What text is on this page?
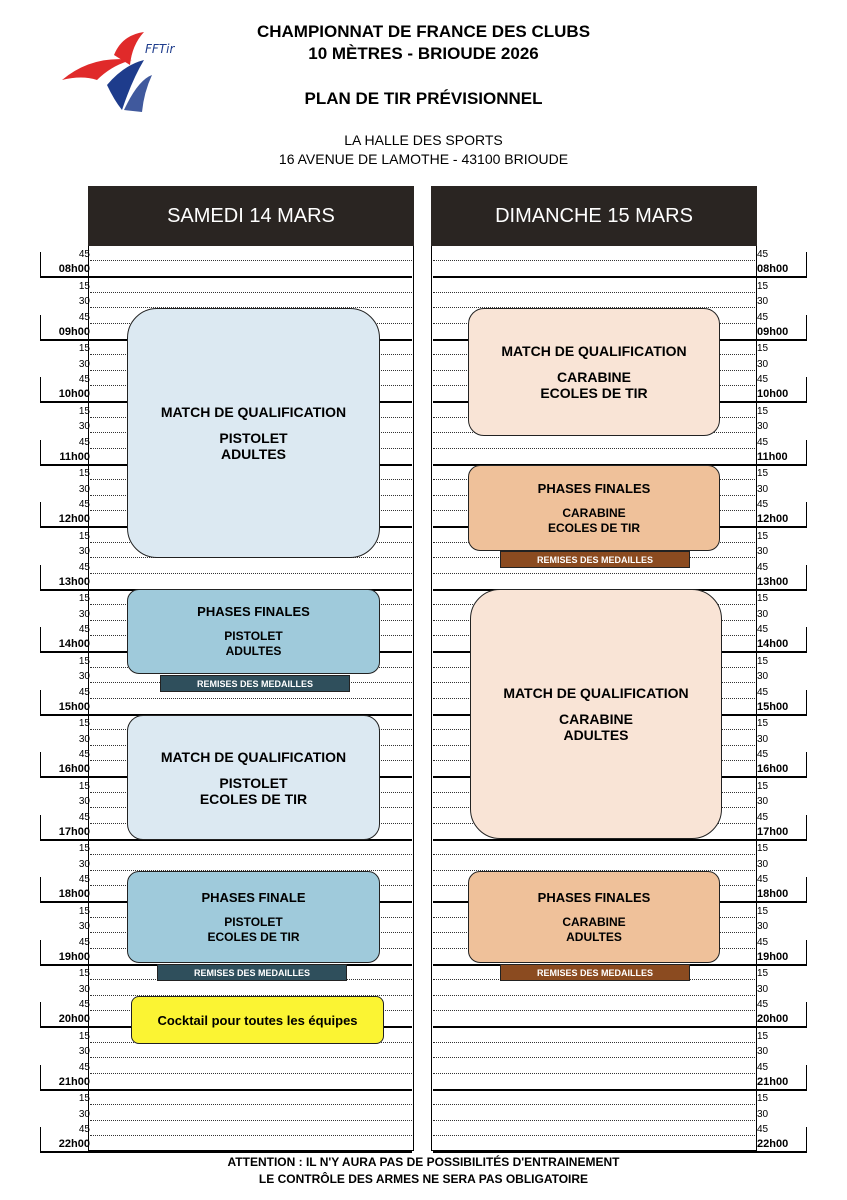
FFTir
CHAMPIONNAT DE FRANCE DES CLUBS
10 MÈTRES - BRIOUDE 2026
PLAN DE TIR PRÉVISIONNEL
LA HALLE DES SPORTS
16 AVENUE DE LAMOTHE - 43100 BRIOUDE
SAMEDI 14 MARS	DIMANCHE 15 MARS
45	45
08h00	08h00
15	15
30	30
45	45
09h00	09h00
15	15
30	30
45	45
10h00	10h00
15	15
30	30
45	45
11h00	11h00
15	15
30	30
45	45
12h00	12h00
15	15
30	30
45	45
13h00	13h00
15	15
30	30
45	45
14h00	14h00
15	15
30	30
45	45
15h00	15h00
15	15
30	30
45	45
16h00	16h00
15	15
30	30
45	45
17h00	17h00
15	15
30	30
45	45
18h00	18h00
15	15
30	30
45	45
19h00	19h00
15	15
30	30
45	45
20h00	20h00
15	15
30	30
45	45
21h00	21h00
15	15
30	30
45	45
22h00	22h00
MATCH DE QUALIFICATION
PISTOLET
ADULTES
PHASES FINALES
PISTOLET
ADULTES
REMISES DES MEDAILLES
MATCH DE QUALIFICATION
PISTOLET
ECOLES DE TIR
PHASES FINALE
PISTOLET
ECOLES DE TIR
REMISES DES MEDAILLES
Cocktail pour toutes les équipes
MATCH DE QUALIFICATION
CARABINE
ECOLES DE TIR
PHASES FINALES
CARABINE
ECOLES DE TIR
REMISES DES MEDAILLES
MATCH DE QUALIFICATION
CARABINE
ADULTES
PHASES FINALES
CARABINE
ADULTES
REMISES DES MEDAILLES
ATTENTION : IL N'Y AURA PAS DE POSSIBILITÉS D'ENTRAINEMENT
LE CONTRÔLE DES ARMES NE SERA PAS OBLIGATOIRE
